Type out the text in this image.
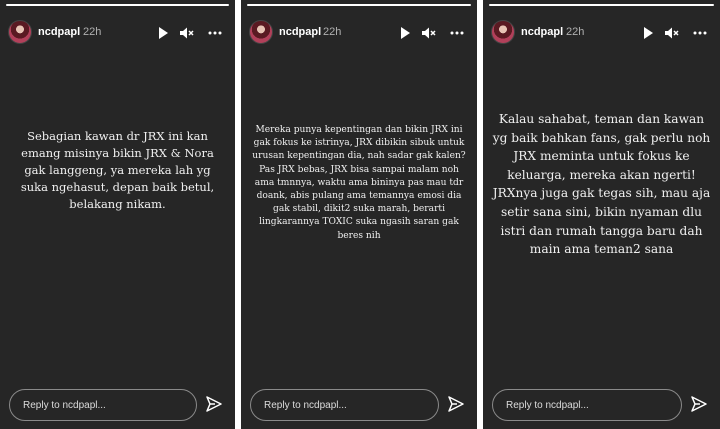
ncdpapl 22h
Sebagian kawan dr JRX ini kan emang misinya bikin JRX & Nora gak langgeng, ya mereka lah yg suka ngehasut, depan baik betul, belakang nikam.
Reply to ncdpapl...
ncdpapl 22h
Mereka punya kepentingan dan bikin JRX ini gak fokus ke istrinya, JRX dibikin sibuk untuk urusan kepentingan dia, nah sadar gak kalen? Pas JRX bebas, JRX bisa sampai malam noh ama tmnnya, waktu ama bininya pas mau tdr doank, abis pulang ama temannya emosi dia gak stabil, dikit2 suka marah, berarti lingkarannya TOXIC suka ngasih saran gak beres nih
Reply to ncdpapl...
ncdpapl 22h
Kalau sahabat, teman dan kawan yg baik bahkan fans, gak perlu noh JRX meminta untuk fokus ke keluarga, mereka akan ngerti! JRXnya juga gak tegas sih, mau aja setir sana sini, bikin nyaman dlu istri dan rumah tangga baru dah main ama teman2 sana
Reply to ncdpapl...
